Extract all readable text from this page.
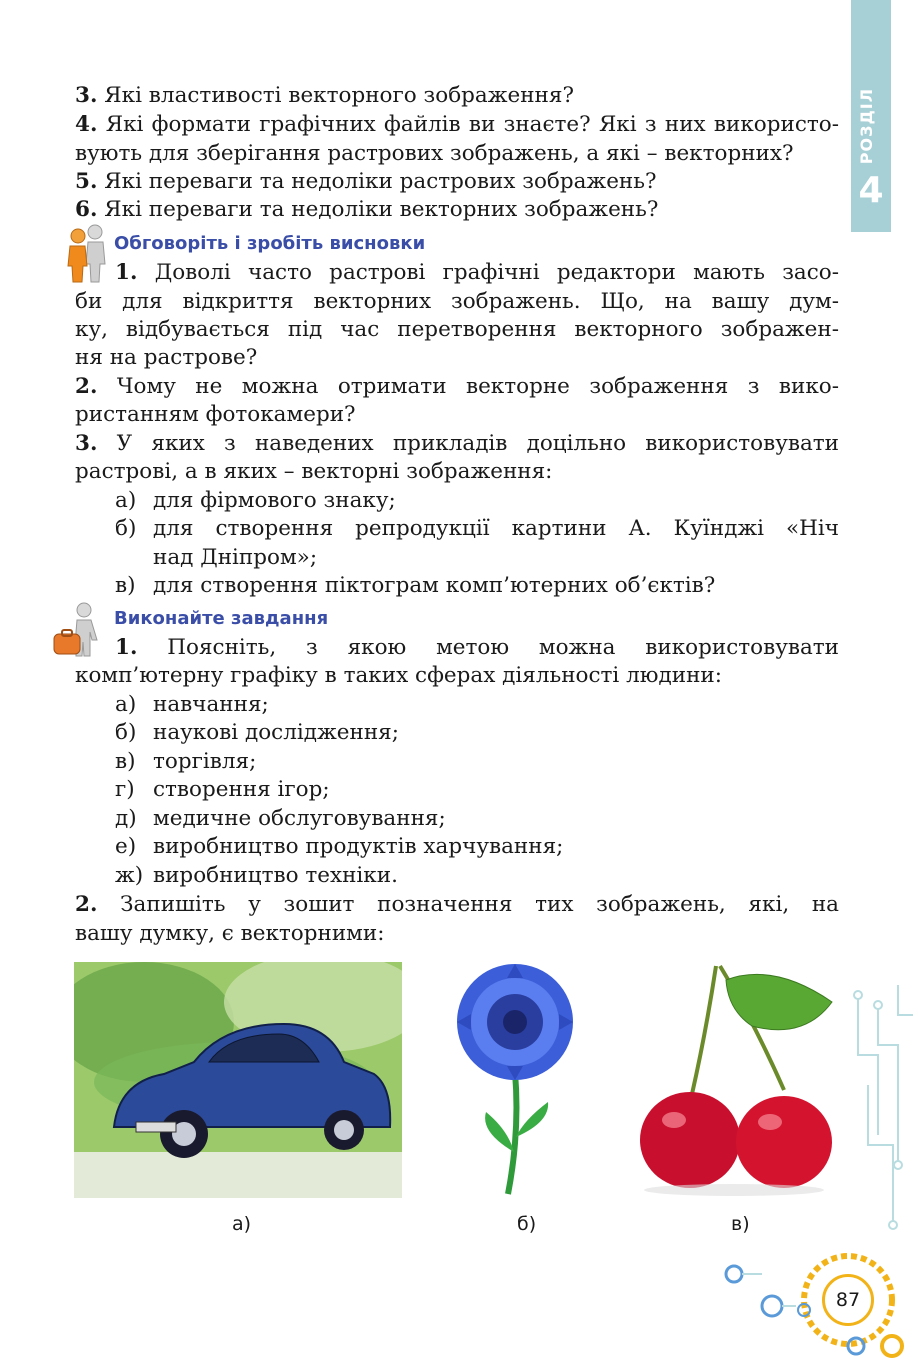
РОЗДІЛ
4
3. Які властивості векторного зображення?
4. Які формати графічних файлів ви знаєте? Які з них використо-
вують для зберігання растрових зображень, а які – векторних?
5. Які переваги та недоліки растрових зображень?
6. Які переваги та недоліки векторних зображень?
Обговоріть і зробіть висновки
1. Доволі часто растрові графічні редактори мають засо-
би для відкриття векторних зображень. Що, на вашу дум-
ку, відбувається під час перетворення векторного зображен-
ня на растрове?
2. Чому не можна отримати векторне зображення з вико-
ристанням фотокамери?
3. У яких з наведених прикладів доцільно використовувати
растрові, а в яких – векторні зображення:
а) для фірмового знаку;
б) для створення репродукції картини А. Куїнджі «Ніч
над Дніпром»;
в) для створення піктограм комп’ютерних об’єктів?
Виконайте завдання
1. Поясніть, з якою метою можна використовувати
комп’ютерну графіку в таких сферах діяльності людини:
а) навчання;
б) наукові дослідження;
в) торгівля;
г) створення ігор;
д) медичне обслуговування;
е) виробництво продуктів харчування;
ж) виробництво техніки.
2. Запишіть у зошит позначення тих зображень, які, на
вашу думку, є векторними:
а)	б)	в)
87
